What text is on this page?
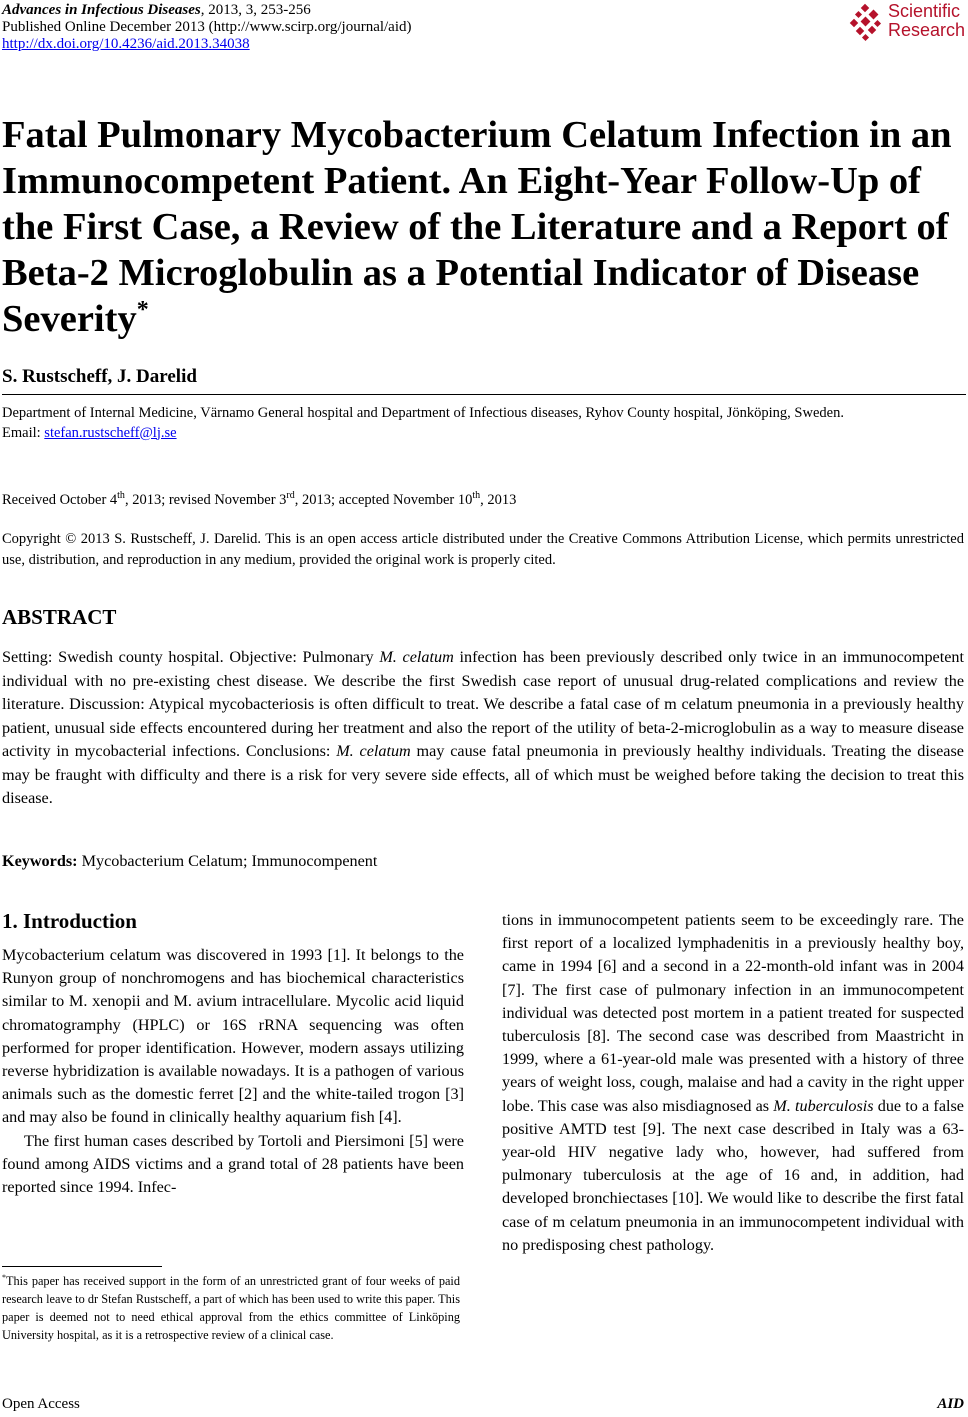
Advances in Infectious Diseases, 2013, 3, 253-256
Published Online December 2013 (http://www.scirp.org/journal/aid)
http://dx.doi.org/10.4236/aid.2013.34038
Scientific
Research
Fatal Pulmonary Mycobacterium Celatum Infection in an Immunocompetent Patient. An Eight-Year Follow-Up of the First Case, a Review of the Literature and a Report of Beta-2 Microglobulin as a Potential Indicator of Disease Severity*
S. Rustscheff, J. Darelid
Department of Internal Medicine, Värnamo General hospital and Department of Infectious diseases, Ryhov County hospital, Jönköping, Sweden.
Email: stefan.rustscheff@lj.se
Received October 4th, 2013; revised November 3rd, 2013; accepted November 10th, 2013
Copyright © 2013 S. Rustscheff, J. Darelid. This is an open access article distributed under the Creative Commons Attribution License, which permits unrestricted use, distribution, and reproduction in any medium, provided the original work is properly cited.
ABSTRACT

Setting: Swedish county hospital. Objective: Pulmonary M. celatum infection has been previously described only twice in an immunocompetent individual with no pre-existing chest disease. We describe the first Swedish case report of unusual drug-related complications and review the literature. Discussion: Atypical mycobacteriosis is often difficult to treat. We describe a fatal case of m celatum pneumonia in a previously healthy patient, unusual side effects encountered during her treatment and also the report of the utility of beta-2-microglobulin as a way to measure disease activity in mycobacterial infections. Conclusions: M. celatum may cause fatal pneumonia in previously healthy individuals. Treating the disease may be fraught with difficulty and there is a risk for very severe side effects, all of which must be weighed before taking the decision to treat this disease.

Keywords: Mycobacterium Celatum; Immunocompenent
1. Introduction

Mycobacterium celatum was discovered in 1993 [1]. It belongs to the Runyon group of nonchromogens and has biochemical characteristics similar to M. xenopii and M. avium intracellulare. Mycolic acid liquid chromatogramphy (HPLC) or 16S rRNA sequencing was often performed for proper identification. However, modern assays utilizing reverse hybridization is available nowadays. It is a pathogen of various animals such as the domestic ferret [2] and the white-tailed trogon [3] and may also be found in clinically healthy aquarium fish [4].

The first human cases described by Tortoli and Piersimoni [5] were found among AIDS victims and a grand total of 28 patients have been reported since 1994. Infec-

tions in immunocompetent patients seem to be exceedingly rare. The first report of a localized lymphadenitis in a previously healthy boy, came in 1994 [6] and a second in a 22-month-old infant was in 2004 [7]. The first case of pulmonary infection in an immunocompetent individual was detected post mortem in a patient treated for suspected tuberculosis [8]. The second case was described from Maastricht in 1999, where a 61-year-old male was presented with a history of three years of weight loss, cough, malaise and had a cavity in the right upper lobe. This case was also misdiagnosed as M. tuberculosis due to a false positive AMTD test [9]. The next case described in Italy was a 63-year-old HIV negative lady who, however, had suffered from pulmonary tuberculosis at the age of 16 and, in addition, had developed bronchiectases [10]. We would like to describe the first fatal case of m celatum pneumonia in an immunocompetent individual with no predisposing chest pathology.

*This paper has received support in the form of an unrestricted grant of four weeks of paid research leave to dr Stefan Rustscheff, a part of which has been used to write this paper. This paper is deemed not to need ethical approval from the ethics committee of Linköping University hospital, as it is a retrospective review of a clinical case.
Open Access	AID
